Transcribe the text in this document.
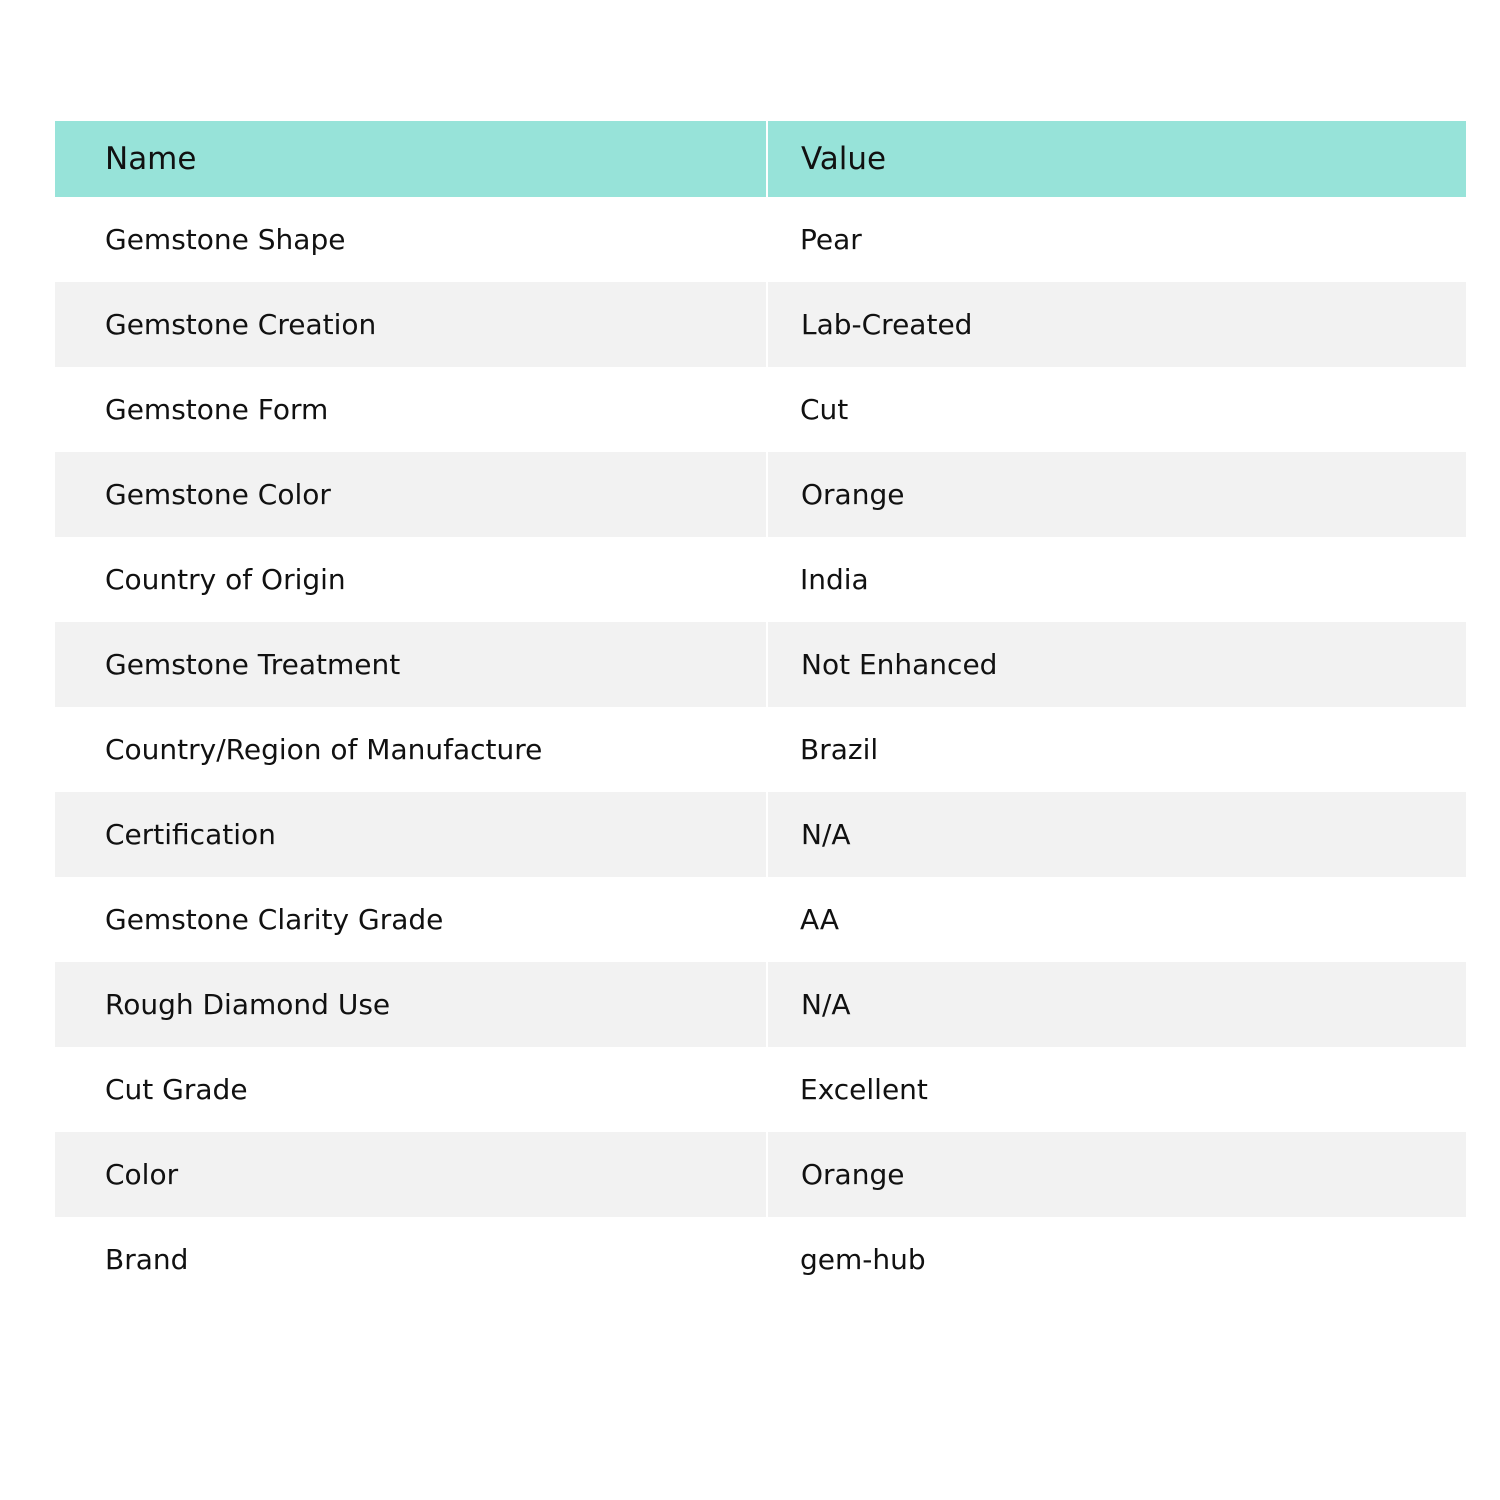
Name	Value

Gemstone Shape	Pear

Gemstone Creation	Lab-Created

Gemstone Form	Cut

Gemstone Color	Orange

Country of Origin	India

Gemstone Treatment	Not Enhanced

Country/Region of Manufacture	Brazil

Certification	N/A

Gemstone Clarity Grade	AA

Rough Diamond Use	N/A

Cut Grade	Excellent

Color	Orange

Brand	gem-hub
